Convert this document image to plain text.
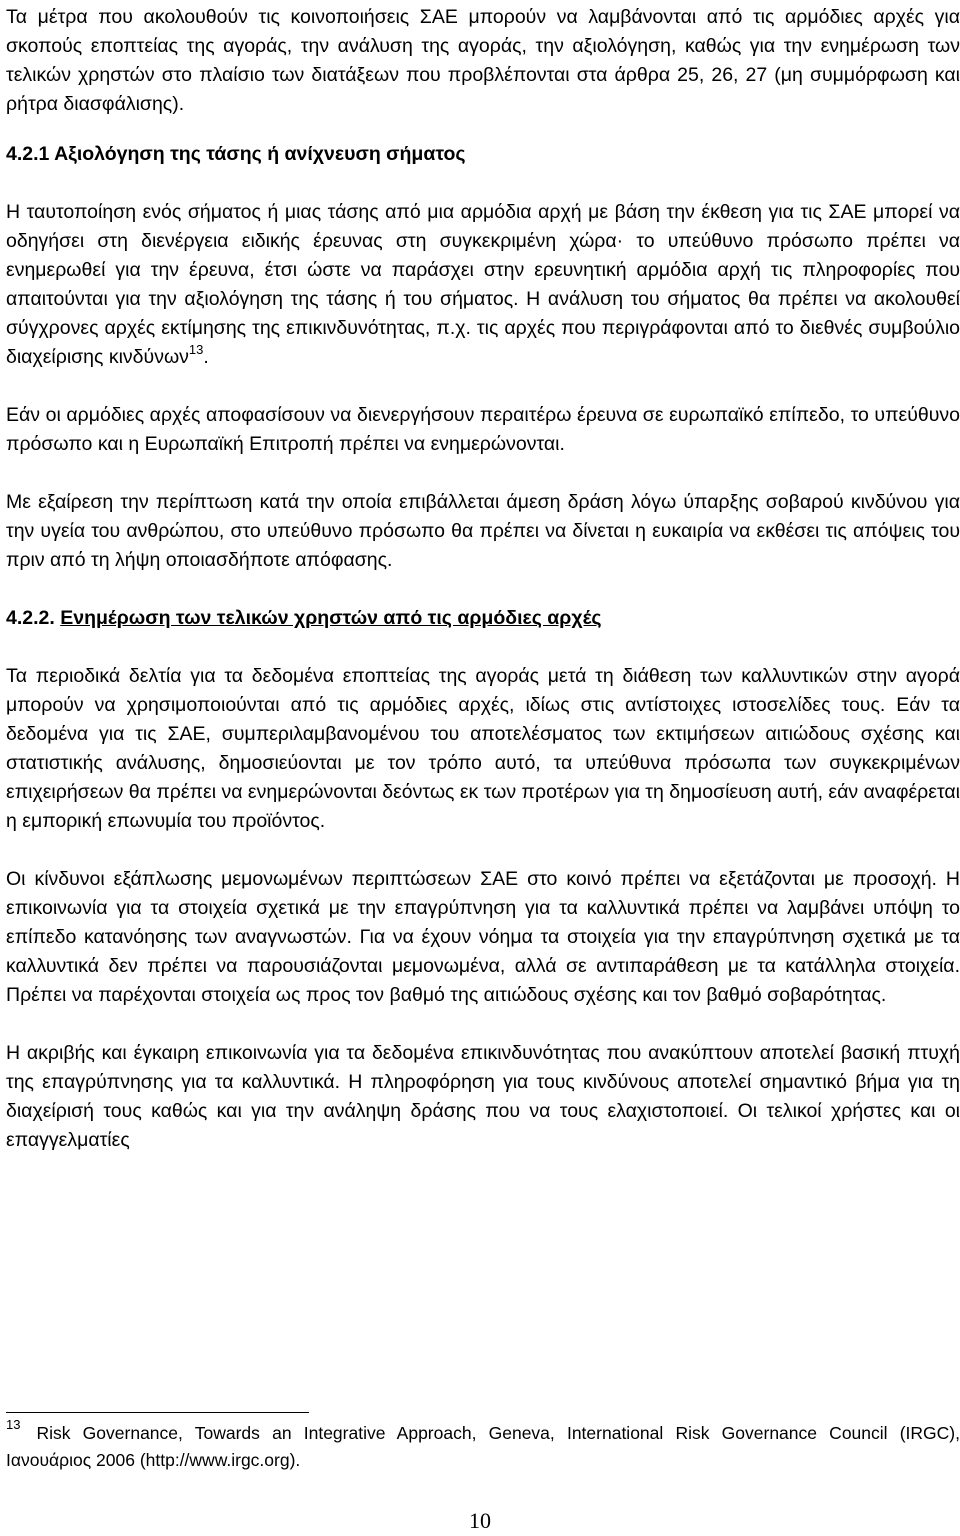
Τα μέτρα που ακολουθούν τις κοινοποιήσεις ΣΑΕ μπορούν να λαμβάνονται από τις αρμόδιες αρχές για σκοπούς εποπτείας της αγοράς, την ανάλυση της αγοράς, την αξιολόγηση, καθώς για την ενημέρωση των τελικών χρηστών στο πλαίσιο των διατάξεων που προβλέπονται στα άρθρα 25, 26, 27 (μη συμμόρφωση και ρήτρα διασφάλισης).

4.2.1 Αξιολόγηση της τάσης ή ανίχνευση σήματος

Η ταυτοποίηση ενός σήματος ή μιας τάσης από μια αρμόδια αρχή με βάση την έκθεση για τις ΣΑΕ μπορεί να οδηγήσει στη διενέργεια ειδικής έρευνας στη συγκεκριμένη χώρα· το υπεύθυνο πρόσωπο πρέπει να ενημερωθεί για την έρευνα, έτσι ώστε να παράσχει στην ερευνητική αρμόδια αρχή τις πληροφορίες που απαιτούνται για την αξιολόγηση της τάσης ή του σήματος. Η ανάλυση του σήματος θα πρέπει να ακολουθεί σύγχρονες αρχές εκτίμησης της επικινδυνότητας, π.χ. τις αρχές που περιγράφονται από το διεθνές συμβούλιο διαχείρισης κινδύνων$^{13}$.

Εάν οι αρμόδιες αρχές αποφασίσουν να διενεργήσουν περαιτέρω έρευνα σε ευρωπαϊκό επίπεδο, το υπεύθυνο πρόσωπο και η Ευρωπαϊκή Επιτροπή πρέπει να ενημερώνονται.

Με εξαίρεση την περίπτωση κατά την οποία επιβάλλεται άμεση δράση λόγω ύπαρξης σοβαρού κινδύνου για την υγεία του ανθρώπου, στο υπεύθυνο πρόσωπο θα πρέπει να δίνεται η ευκαιρία να εκθέσει τις απόψεις του πριν από τη λήψη οποιασδήποτε απόφασης.

4.2.2. Ενημέρωση των τελικών χρηστών από τις αρμόδιες αρχές

Τα περιοδικά δελτία για τα δεδομένα εποπτείας της αγοράς μετά τη διάθεση των καλλυντικών στην αγορά μπορούν να χρησιμοποιούνται από τις αρμόδιες αρχές, ιδίως στις αντίστοιχες ιστοσελίδες τους. Εάν τα δεδομένα για τις ΣΑΕ, συμπεριλαμβανομένου του αποτελέσματος των εκτιμήσεων αιτιώδους σχέσης και στατιστικής ανάλυσης, δημοσιεύονται με τον τρόπο αυτό, τα υπεύθυνα πρόσωπα των συγκεκριμένων επιχειρήσεων θα πρέπει να ενημερώνονται δεόντως εκ των προτέρων για τη δημοσίευση αυτή, εάν αναφέρεται η εμπορική επωνυμία του προϊόντος.

Οι κίνδυνοι εξάπλωσης μεμονωμένων περιπτώσεων ΣΑΕ στο κοινό πρέπει να εξετάζονται με προσοχή. Η επικοινωνία για τα στοιχεία σχετικά με την επαγρύπνηση για τα καλλυντικά πρέπει να λαμβάνει υπόψη το επίπεδο κατανόησης των αναγνωστών. Για να έχουν νόημα τα στοιχεία για την επαγρύπνηση σχετικά με τα καλλυντικά δεν πρέπει να παρουσιάζονται μεμονωμένα, αλλά σε αντιπαράθεση με τα κατάλληλα στοιχεία. Πρέπει να παρέχονται στοιχεία ως προς τον βαθμό της αιτιώδους σχέσης και τον βαθμό σοβαρότητας.

Η ακριβής και έγκαιρη επικοινωνία για τα δεδομένα επικινδυνότητας που ανακύπτουν αποτελεί βασική πτυχή της επαγρύπνησης για τα καλλυντικά. Η πληροφόρηση για τους κινδύνους αποτελεί σημαντικό βήμα για τη διαχείρισή τους καθώς και για την ανάληψη δράσης που να τους ελαχιστοποιεί. Οι τελικοί χρήστες και οι επαγγελματίες

$^{13}$ Risk Governance, Towards an Integrative Approach, Geneva, International Risk Governance Council (IRGC), Ιανουάριος 2006 (http://www.irgc.org).
10
